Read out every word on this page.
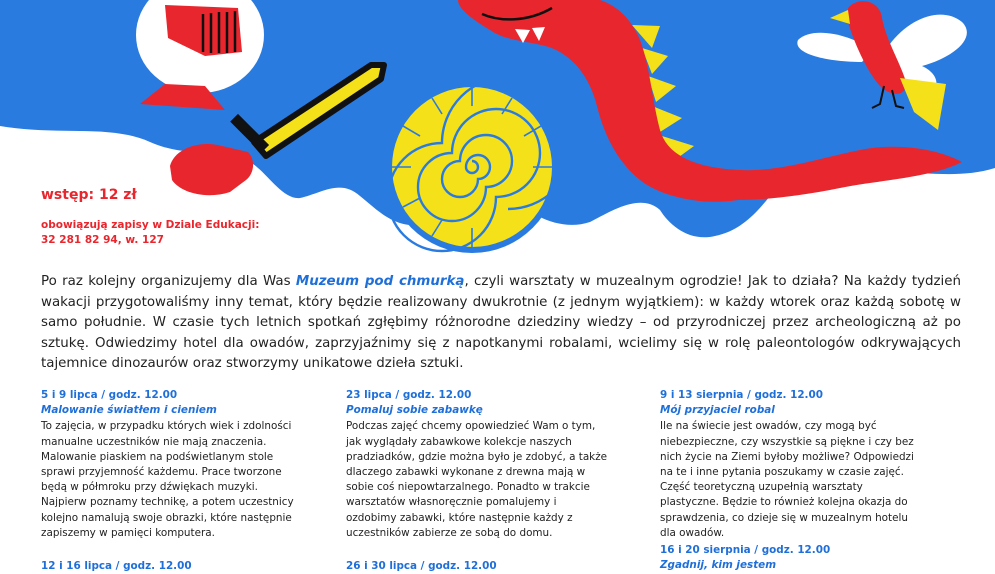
wstęp: 12 zł
obowiązują zapisy w Dziale Edukacji:
32 281 82 94, w. 127
Po raz kolejny organizujemy dla Was Muzeum pod chmurką, czyli warsztaty w muzealnym ogrodzie! Jak to działa? Na każdy tydzień wakacji przygotowaliśmy inny temat, który będzie realizowany dwukrotnie (z jednym wyjątkiem): w każdy wtorek oraz każdą sobotę w samo południe. W czasie tych letnich spotkań zgłębimy różnorodne dziedziny wiedzy – od przyrodniczej przez archeologiczną aż po sztukę. Odwiedzimy hotel dla owadów, zaprzyjaźnimy się z napotkanymi robalami, wcielimy się w rolę paleontologów odkrywających tajemnice dinozaurów oraz stworzymy unikatowe dzieła sztuki.
5 i 9 lipca / godz. 12.00
Malowanie światłem i cieniem
To zajęcia, w przypadku których wiek i zdolności manualne uczestników nie mają znaczenia. Malowanie piaskiem na podświetlanym stole sprawi przyjemność każdemu. Prace tworzone będą w półmroku przy dźwiękach muzyki. Najpierw poznamy technikę, a potem uczestnicy kolejno namalują swoje obrazki, które następnie zapiszemy w pamięci komputera.
23 lipca / godz. 12.00
Pomaluj sobie zabawkę
Podczas zajęć chcemy opowiedzieć Wam o tym, jak wyglądały zabawkowe kolekcje naszych pradziadków, gdzie można było je zdobyć, a także dlaczego zabawki wykonane z drewna mają w sobie coś niepowtarzalnego. Ponadto w trakcie warsztatów własnoręcznie pomalujemy i ozdobimy zabawki, które następnie każdy z uczestników zabierze ze sobą do domu.
9 i 13 sierpnia / godz. 12.00
Mój przyjaciel robal
Ile na świecie jest owadów, czy mogą być niebezpieczne, czy wszystkie są piękne i czy bez nich życie na Ziemi byłoby możliwe? Odpowiedzi na te i inne pytania poszukamy w czasie zajęć. Część teoretyczną uzupełnią warsztaty plastyczne. Będzie to również kolejna okazja do sprawdzenia, co dzieje się w muzealnym hotelu dla owadów.
16 i 20 sierpnia / godz. 12.00
Zgadnij, kim jestem
12 i 16 lipca / godz. 12.00	26 i 30 lipca / godz. 12.00
